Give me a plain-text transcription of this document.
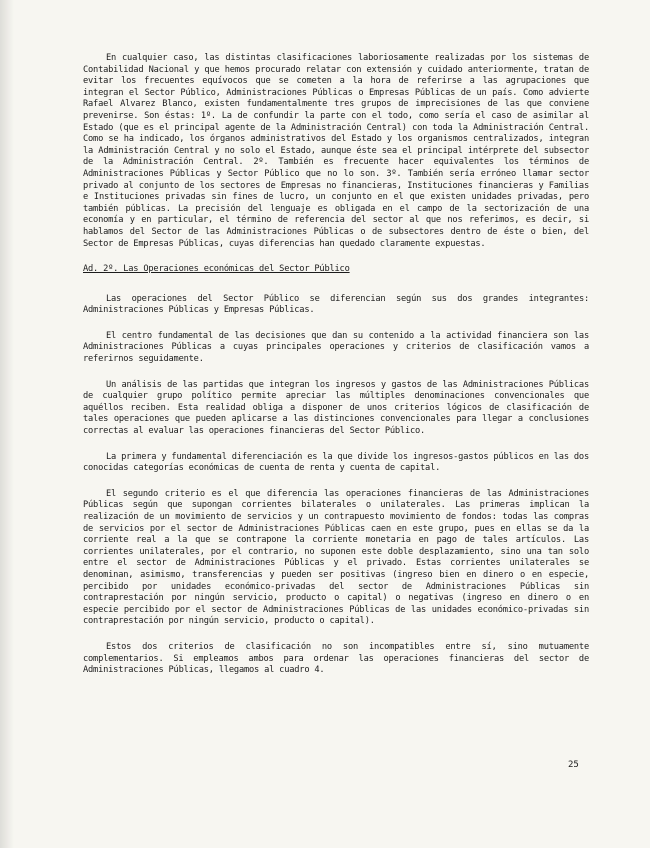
En cualquier caso, las distintas clasificaciones laboriosamente realizadas por los sistemas de Contabilidad Nacional y que hemos procurado relatar con extensión y cuidado anteriormente, tratan de evitar los frecuentes equívocos que se cometen a la hora de referirse a las agrupaciones que integran el Sector Público, Administraciones Públicas o Empresas Públicas de un país. Como advierte Rafael Alvarez Blanco, existen fundamentalmente tres grupos de imprecisiones de las que conviene prevenirse. Son éstas: 1º. La de confundir la parte con el todo, como sería el caso de asimilar al Estado (que es el principal agente de la Administración Central) con toda la Administración Central. Como se ha indicado, los órganos administrativos del Estado y los organismos centralizados, integran la Administración Central y no solo el Estado, aunque éste sea el principal intérprete del subsector de la Administración Central. 2º. También es frecuente hacer equivalentes los términos de Administraciones Públicas y Sector Público que no lo son. 3º. También sería erróneo llamar sector privado al conjunto de los sectores de Empresas no financieras, Instituciones financieras y Familias e Instituciones privadas sin fines de lucro, un conjunto en el que existen unidades privadas, pero también públicas. La precisión del lenguaje es obligada en el campo de la sectorización de una economía y en particular, el término de referencia del sector al que nos referimos, es decir, si hablamos del Sector de las Administraciones Públicas o de subsectores dentro de éste o bien, del Sector de Empresas Públicas, cuyas diferencias han quedado claramente expuestas.

Ad. 2º. Las Operaciones económicas del Sector Público

Las operaciones del Sector Público se diferencian según sus dos grandes integrantes: Administraciones Públicas y Empresas Públicas.

El centro fundamental de las decisiones que dan su contenido a la actividad financiera son las Administraciones Públicas a cuyas principales operaciones y criterios de clasificación vamos a referirnos seguidamente.

Un análisis de las partidas que integran los ingresos y gastos de las Administraciones Públicas de cualquier grupo político permite apreciar las múltiples denominaciones convencionales que aquéllos reciben. Esta realidad obliga a disponer de unos criterios lógicos de clasificación de tales operaciones que pueden aplicarse a las distinciones convencionales para llegar a conclusiones correctas al evaluar las operaciones financieras del Sector Público.

La primera y fundamental diferenciación es la que divide los ingresos-gastos públicos en las dos conocidas categorías económicas de cuenta de renta y cuenta de capital.

El segundo criterio es el que diferencia las operaciones financieras de las Administraciones Públicas según que supongan corrientes bilaterales o unilaterales. Las primeras implican la realización de un movimiento de servicios y un contrapuesto movimiento de fondos: todas las compras de servicios por el sector de Administraciones Públicas caen en este grupo, pues en ellas se da la corriente real a la que se contrapone la corriente monetaria en pago de tales artículos. Las corrientes unilaterales, por el contrario, no suponen este doble desplazamiento, sino una tan solo entre el sector de Administraciones Públicas y el privado. Estas corrientes unilaterales se denominan, asimismo, transferencias y pueden ser positivas (ingreso bien en dinero o en especie, percibido por unidades económico-privadas del sector de Administraciones Públicas sin contraprestación por ningún servicio, producto o capital) o negativas (ingreso en dinero o en especie percibido por el sector de Administraciones Públicas de las unidades económico-privadas sin contraprestación por ningún servicio, producto o capital).

Estos dos criterios de clasificación no son incompatibles entre sí, sino mutuamente complementarios. Si empleamos ambos para ordenar las operaciones financieras del sector de Administraciones Públicas, llegamos al cuadro 4.

25
